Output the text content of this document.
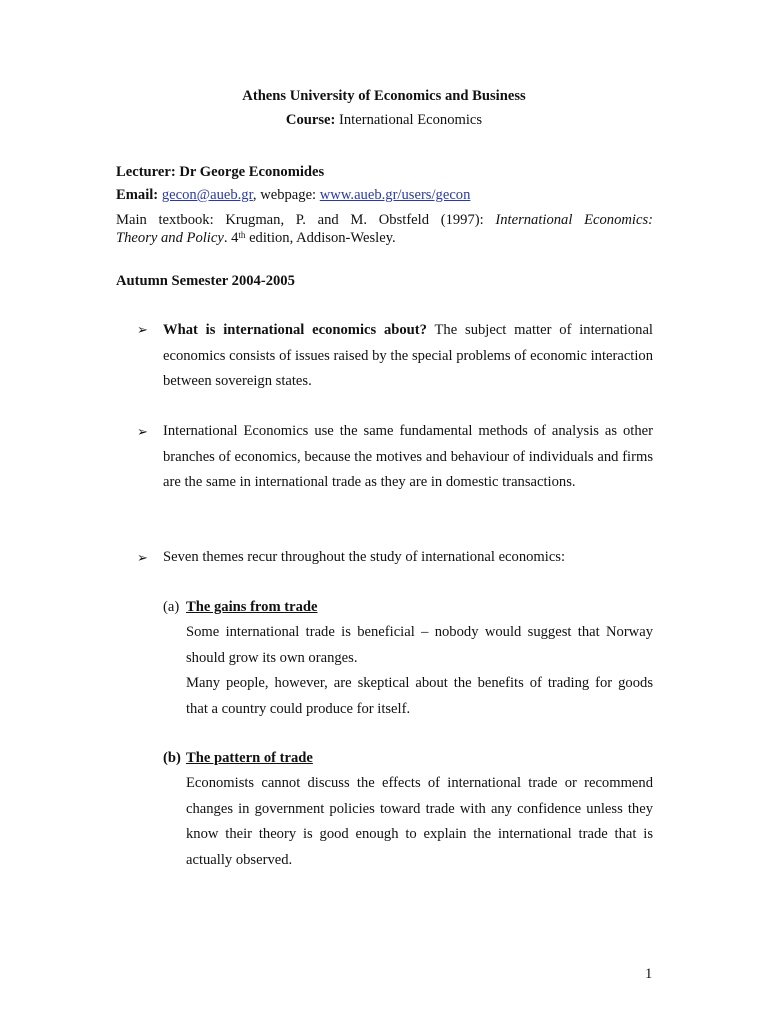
Athens University of Economics and Business
Course: International Economics
Lecturer: Dr George Economides
Email: gecon@aueb.gr, webpage: www.aueb.gr/users/gecon
Main textbook: Krugman, P. and M. Obstfeld (1997): International Economics:
Theory and Policy. 4th edition, Addison-Wesley.
Autumn Semester 2004-2005
➢ What is international economics about? The subject matter of international economics consists of issues raised by the special problems of economic interaction between sovereign states.
➢ International Economics use the same fundamental methods of analysis as other branches of economics, because the motives and behaviour of individuals and firms are the same in international trade as they are in domestic transactions.
➢ Seven themes recur throughout the study of international economics:
(a) The gains from trade
Some international trade is beneficial – nobody would suggest that Norway should grow its own oranges.
Many people, however, are skeptical about the benefits of trading for goods that a country could produce for itself.
(b) The pattern of trade
Economists cannot discuss the effects of international trade or recommend changes in government policies toward trade with any confidence unless they know their theory is good enough to explain the international trade that is actually observed.
1
